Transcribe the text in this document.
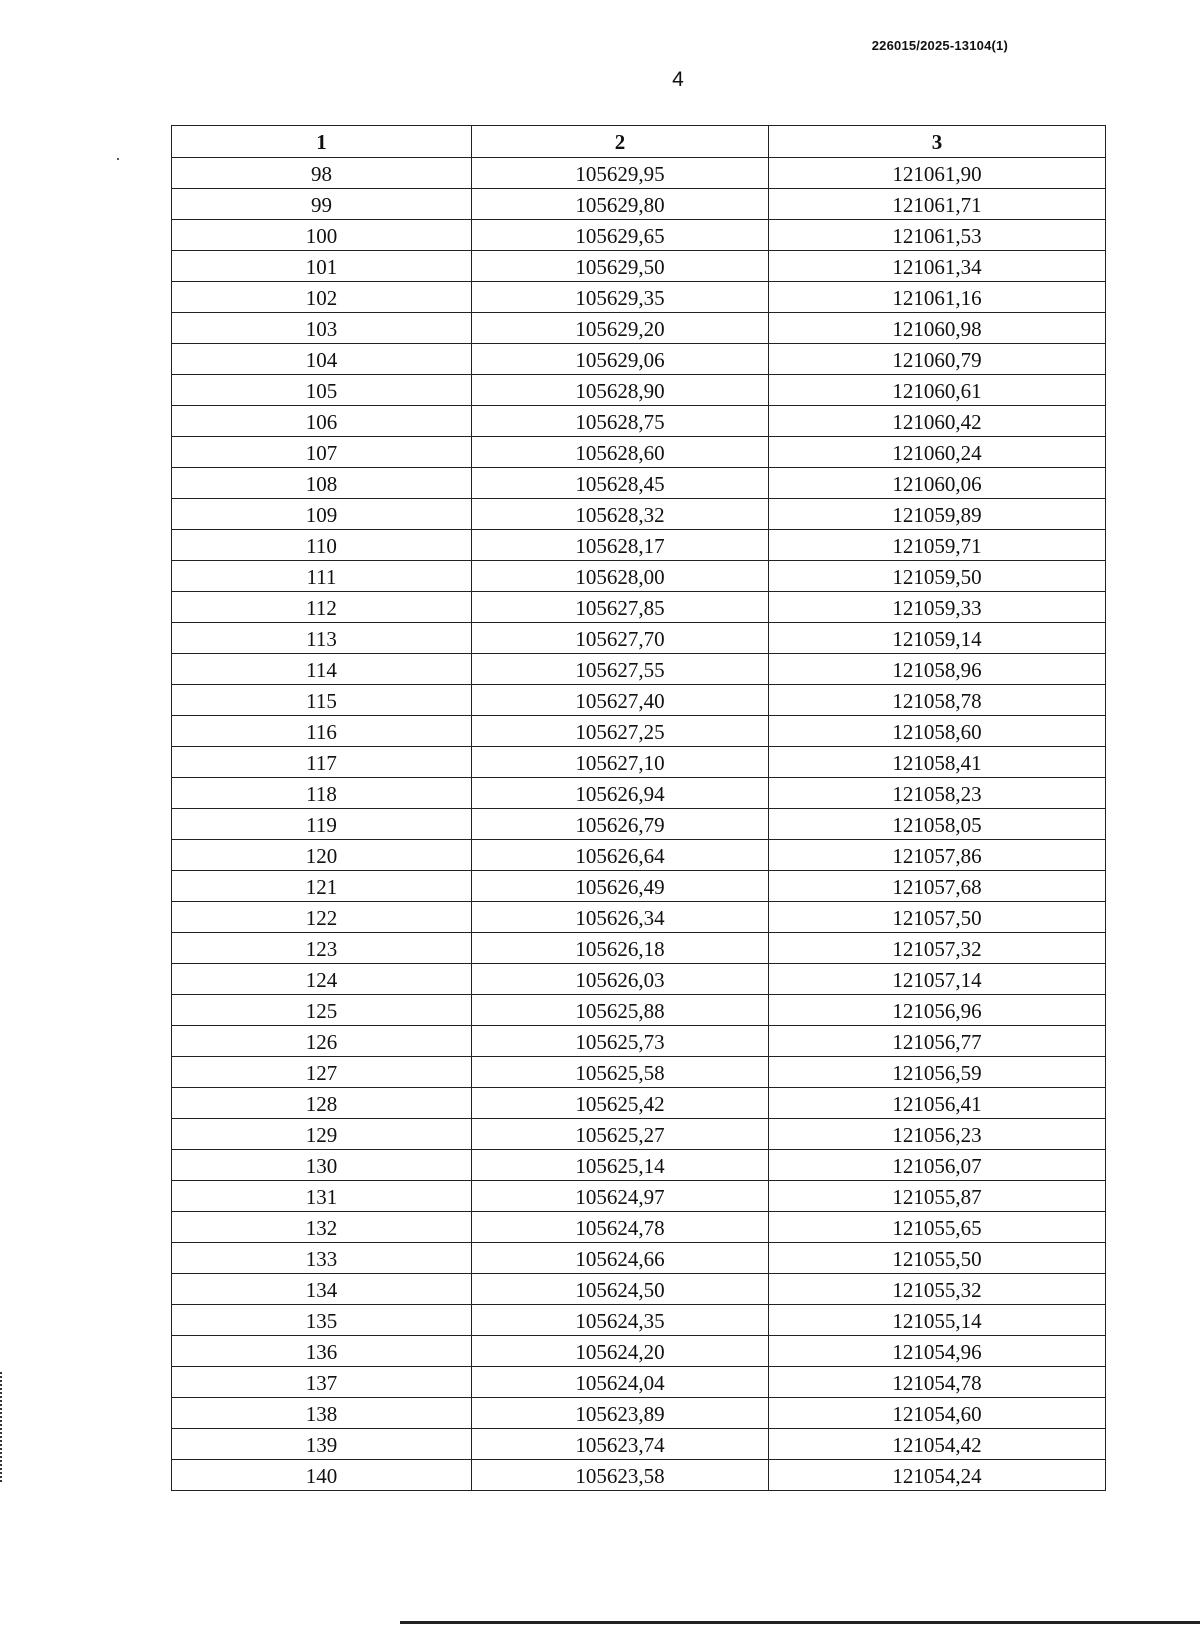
226015/2025-13104(1)
4
1	2	3
98	105629,95	121061,90
99	105629,80	121061,71
100	105629,65	121061,53
101	105629,50	121061,34
102	105629,35	121061,16
103	105629,20	121060,98
104	105629,06	121060,79
105	105628,90	121060,61
106	105628,75	121060,42
107	105628,60	121060,24
108	105628,45	121060,06
109	105628,32	121059,89
110	105628,17	121059,71
111	105628,00	121059,50
112	105627,85	121059,33
113	105627,70	121059,14
114	105627,55	121058,96
115	105627,40	121058,78
116	105627,25	121058,60
117	105627,10	121058,41
118	105626,94	121058,23
119	105626,79	121058,05
120	105626,64	121057,86
121	105626,49	121057,68
122	105626,34	121057,50
123	105626,18	121057,32
124	105626,03	121057,14
125	105625,88	121056,96
126	105625,73	121056,77
127	105625,58	121056,59
128	105625,42	121056,41
129	105625,27	121056,23
130	105625,14	121056,07
131	105624,97	121055,87
132	105624,78	121055,65
133	105624,66	121055,50
134	105624,50	121055,32
135	105624,35	121055,14
136	105624,20	121054,96
137	105624,04	121054,78
138	105623,89	121054,60
139	105623,74	121054,42
140	105623,58	121054,24
